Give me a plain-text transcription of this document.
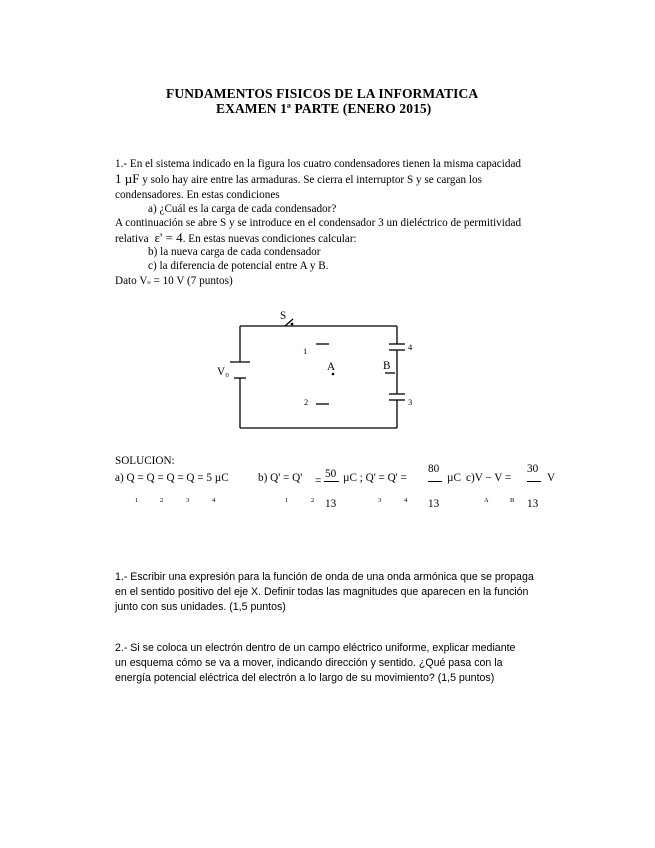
FUNDAMENTOS FISICOS DE LA INFORMATICA
EXAMEN 1ª PARTE (ENERO 2015)
1.- En el sistema indicado en la figura los cuatro condensadores tienen la misma capacidad
1 µF y solo hay aire entre las armaduras. Se cierra el interruptor S y se cargan los
condensadores. En estas condiciones
a) ¿Cuál es la carga de cada condensador?
A continuación se abre S y se introduce en el condensador 3 un dieléctrico de permitividad
relativa ε' = 4. En estas nuevas condiciones calcular:
b) la nueva carga de cada condensador
c) la diferencia de potencial entre A y B.
Dato Vo = 10 V (7 puntos)
S
V₀
1
2
4
3
A	B
SOLUCION:
a) Q = Q = Q = Q = 5 µC	b) Q' = Q' =
50
13
µC ; Q' = Q' =
80
13
µC c)V − V =
30
13
V
1	2	3	4	1	2	3	4	A	B
1.- Escribir una expresión para la función de onda de una onda armónica que se propaga
en el sentido positivo del eje X. Definir todas las magnitudes que aparecen en la función
junto con sus unidades. (1,5 puntos)
2.- Si se coloca un electrón dentro de un campo eléctrico uniforme, explicar mediante
un esquema cómo se va a mover, indicando dirección y sentido. ¿Qué pasa con la
energía potencial eléctrica del electrón a lo largo de su movimiento? (1,5 puntos)
